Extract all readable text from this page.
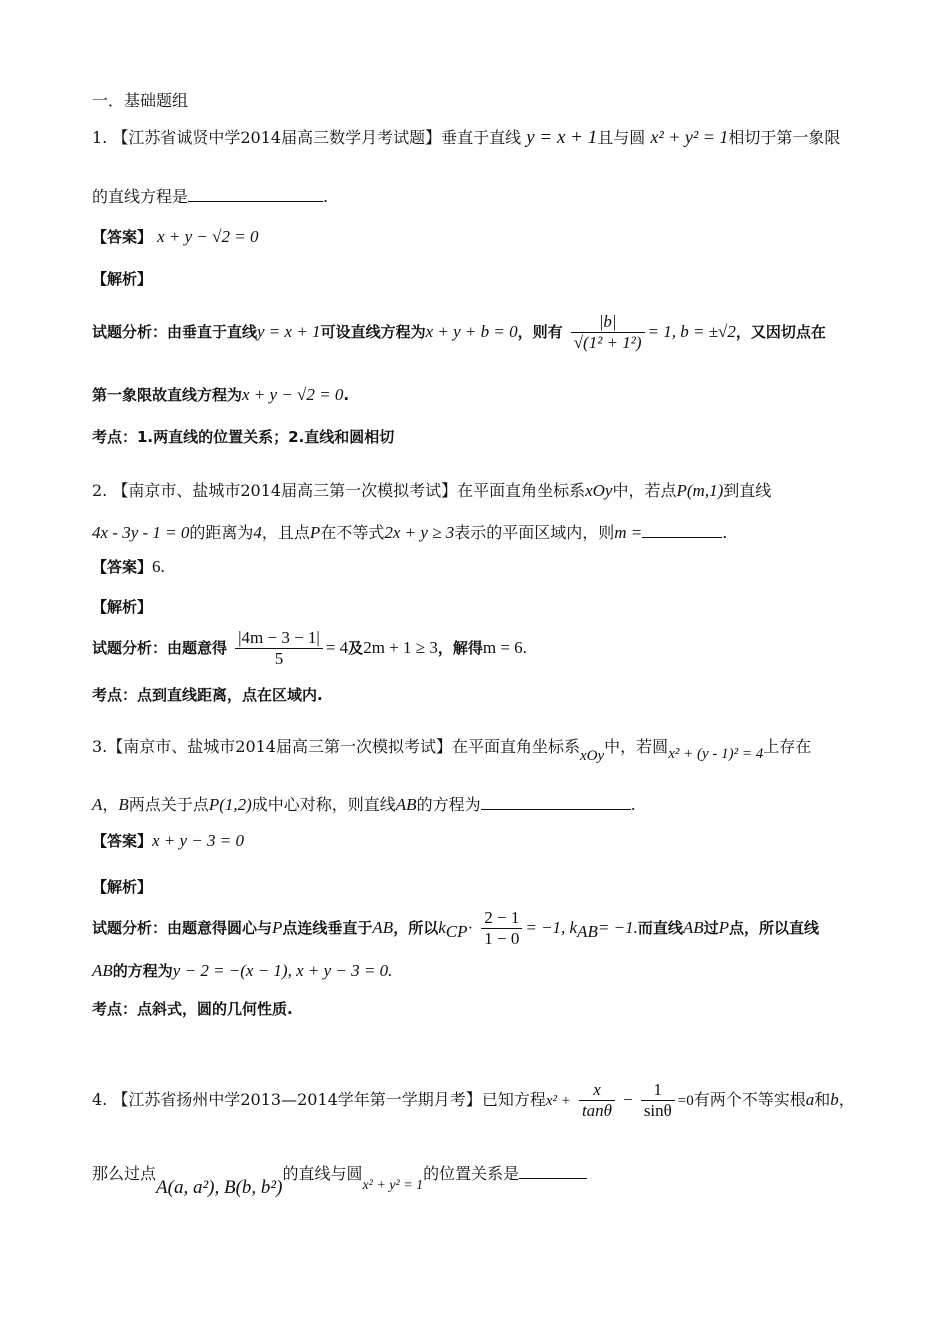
一．基础题组
1. 【江苏省诚贤中学2014届高三数学月考试题】垂直于直线 y = x + 1且与圆 x² + y² = 1相切于第一象限
的直线方程是	.
【答案】 x + y − √2 = 0
【解析】
试题分析：由垂直于直线y = x + 1可设直线方程为x + y + b = 0，则有 $\frac{|b|}{\text{√(1² + 1²)}} = 1$, b = ±√2，又因切点在
第一象限故直线方程为x + y − √2 = 0.
考点：1.两直线的位置关系；2.直线和圆相切
2. 【南京市、盐城市2014届高三第一次模拟考试】在平面直角坐标系xOy中，若点P(m,1)到直线
4x - 3y - 1 = 0的距离为4，且点P在不等式2x + y ≥ 3表示的平面区域内，则m =	.
【答案】6.
【解析】
试题分析：由题意得 $\frac{|4m - 3 - 1|}{5} = 4$及2m + 1 ≥ 3，解得m = 6.
考点：点到直线距离，点在区域内.
3.【南京市、盐城市2014届高三第一次模拟考试】在平面直角坐标系xOy中，若圆x² + (y - 1)² = 4上存在
A，B两点关于点P(1,2)成中心对称，则直线AB的方程为	.
【答案】x + y − 3 = 0
【解析】
试题分析：由题意得圆心与P点连线垂直于AB，所以$k_{CP}\cdot \frac{2 - 1}{1 - 0} = -1$, $k_{AB}= -1$.而直线AB过P点，所以直线
AB的方程为y − 2 = −(x − 1), x + y − 3 = 0.
考点：点斜式，圆的几何性质.
4. 【江苏省扬州中学2013—2014学年第一学期月考】已知方程$x^2 + \frac{x}{\tan\theta} - \frac{1}{\sin\theta} =0$有两个不等实根a和b，
那么过点A(a, a²), B(b, b²)的直线与圆x² + y² = 1的位置关系是
